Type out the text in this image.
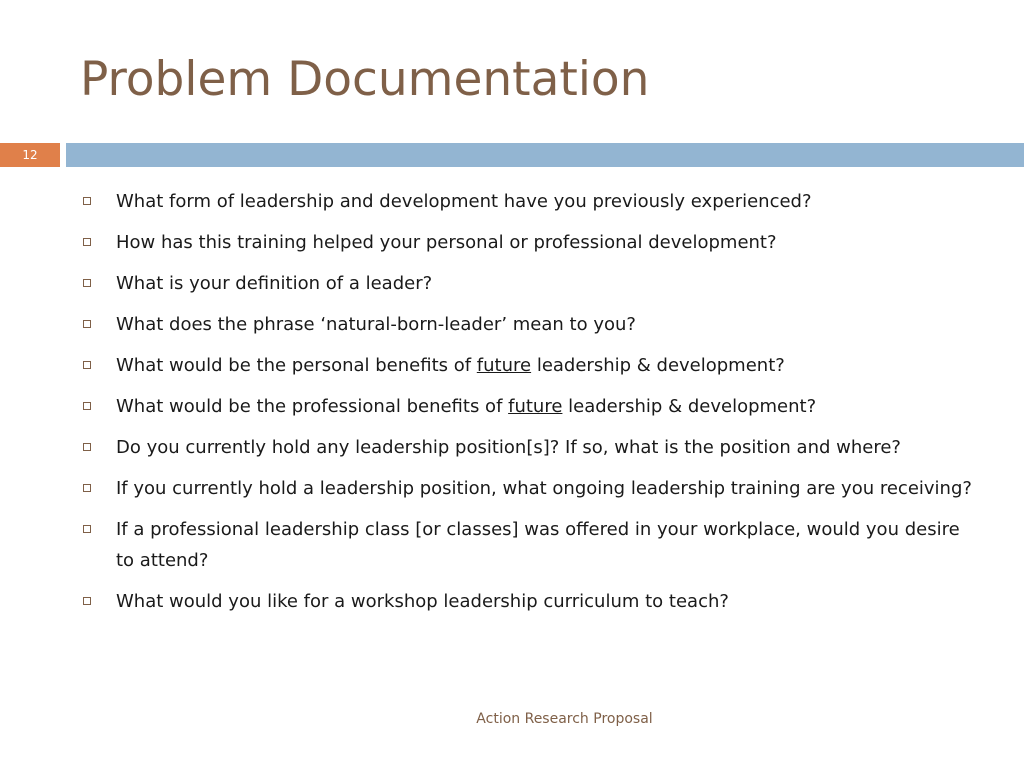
Problem Documentation
12
What form of leadership and development have you previously experienced?
How has this training helped your personal or professional development?
What is your definition of a leader?
What does the phrase ‘natural-born-leader’ mean to you?
What would be the personal benefits of future leadership & development?
What would be the professional benefits of future leadership & development?
Do you currently hold any leadership position[s]? If so, what is the position and where?
If you currently hold a leadership position, what ongoing leadership training are you receiving?
If a professional leadership class [or classes] was offered in your workplace, would you desire to attend?
What would you like for a workshop leadership curriculum to teach?
Action Research Proposal
